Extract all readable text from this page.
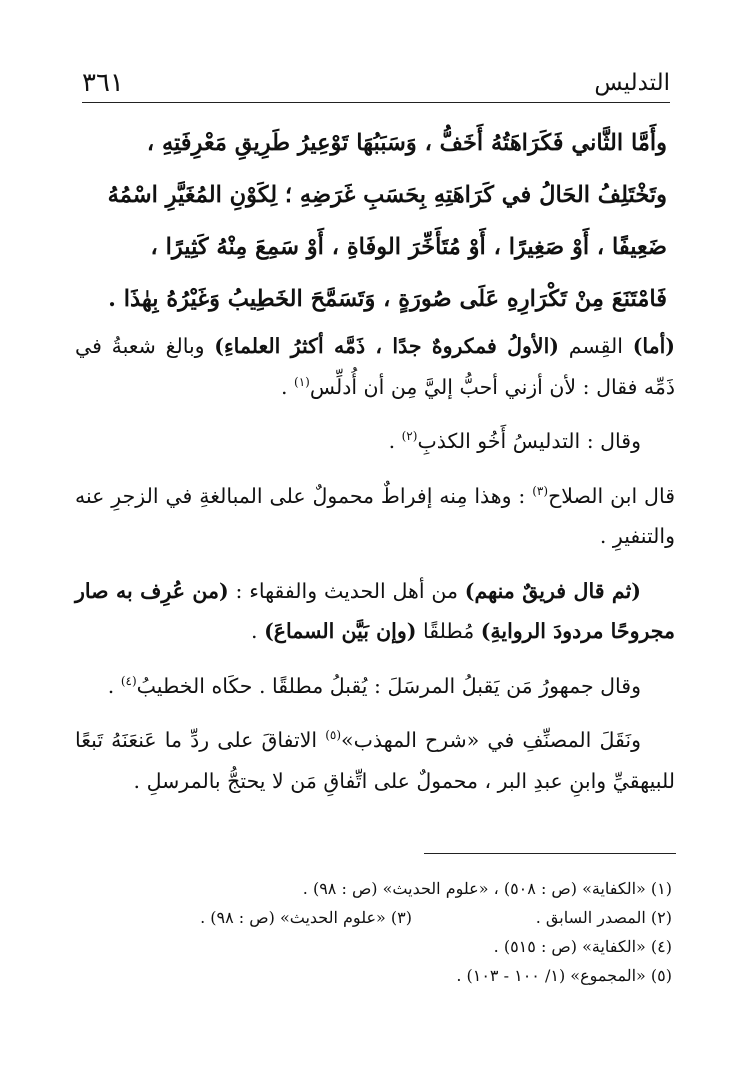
٣٦١	التدليس
وأَمَّا الثَّاني فَكَرَاهَتُهُ أَخَفُّ ، وَسَبَبُهَا تَوْعِيرُ طَرِيقِ مَعْرِفَتِهِ ،
وتَخْتَلِفُ الحَالُ في كَرَاهَتِهِ بِحَسَبِ غَرَضِهِ ؛ لِكَوْنِ المُغَيَّرِ اسْمُهُ
ضَعِيفًا ، أَوْ صَغِيرًا ، أَوْ مُتَأَخِّرَ الوفَاةِ ، أَوْ سَمِعَ مِنْهُ كَثِيرًا ،
فَامْتَنَعَ مِنْ تَكْرَارِهِ عَلَى صُورَةٍ ، وَتَسَمَّحَ الخَطِيبُ وَغَيْرُهُ بِهٰذَا .

(أما) القِسم (الأولُ فمكروهٌ جدًا ، ذَمَّه أكثرُ العلماءِ) وبالغ شعبةُ في ذَمِّه فقال : لأن أزني أحبُّ إليَّ مِن أن أُدلِّس$^{(١)}$ .

وقال : التدليسُ أَخُو الكذبِ$^{(٢)}$ .

قال ابن الصلاح$^{(٣)}$ : وهذا مِنه إفراطٌ محمولٌ على المبالغةِ في الزجرِ عنه والتنفيرِ .

(ثم قال فريقٌ منهم) من أهل الحديث والفقهاء : (من عُرِف به صار مجروحًا مردودَ الروايةِ) مُطلقًا (وإن بَيَّن السماعَ) .

وقال جمهورُ مَن يَقبلُ المرسَلَ : يُقبلُ مطلقًا . حكَاه الخطيبُ$^{(٤)}$ .

ونَقَلَ المصنِّفِ في «شرح المهذب»$^{(٥)}$ الاتفاقَ على ردِّ ما عَنعَنَهُ تَبعًا للبيهقيِّ وابنِ عبدِ البر ، محمولٌ على اتِّفاقِ مَن لا يحتجُّ بالمرسلِ .

(١) «الكفاية» (ص : ٥٠٨) ، «علوم الحديث» (ص : ٩٨) .
(٢) المصدر السابق .
(٣) «علوم الحديث» (ص : ٩٨) .
(٤) «الكفاية» (ص : ٥١٥) .
(٥) «المجموع» (١/ ١٠٠ - ١٠٣) .
